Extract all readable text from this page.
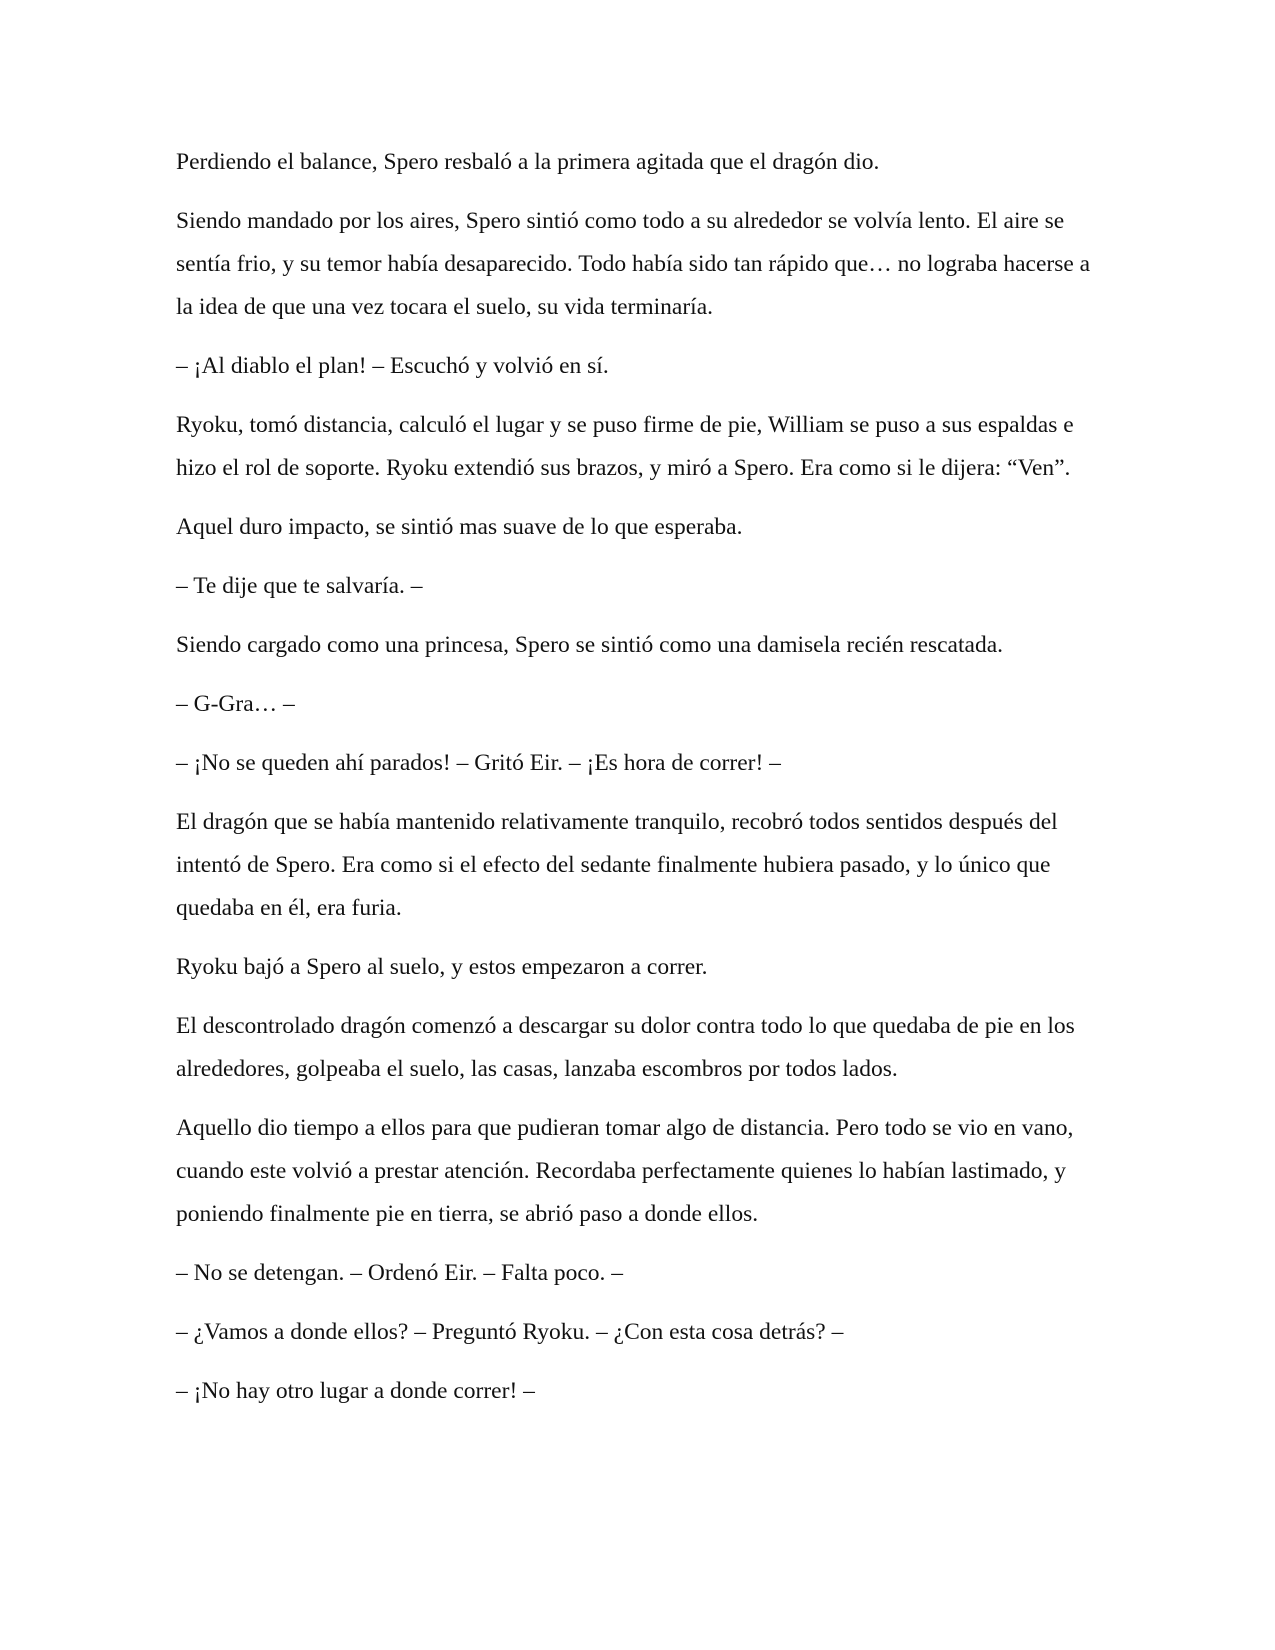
Perdiendo el balance, Spero resbaló a la primera agitada que el dragón dio.

Siendo mandado por los aires, Spero sintió como todo a su alrededor se volvía lento. El aire se sentía frio, y su temor había desaparecido. Todo había sido tan rápido que… no lograba hacerse a la idea de que una vez tocara el suelo, su vida terminaría.

– ¡Al diablo el plan! – Escuchó y volvió en sí.

Ryoku, tomó distancia, calculó el lugar y se puso firme de pie, William se puso a sus espaldas e hizo el rol de soporte. Ryoku extendió sus brazos, y miró a Spero. Era como si le dijera: “Ven”.

Aquel duro impacto, se sintió mas suave de lo que esperaba.

– Te dije que te salvaría. –

Siendo cargado como una princesa, Spero se sintió como una damisela recién rescatada.

– G-Gra… –

– ¡No se queden ahí parados! – Gritó Eir. – ¡Es hora de correr! –

El dragón que se había mantenido relativamente tranquilo, recobró todos sentidos después del intentó de Spero. Era como si el efecto del sedante finalmente hubiera pasado, y lo único que quedaba en él, era furia.

Ryoku bajó a Spero al suelo, y estos empezaron a correr.

El descontrolado dragón comenzó a descargar su dolor contra todo lo que quedaba de pie en los alrededores, golpeaba el suelo, las casas, lanzaba escombros por todos lados.

Aquello dio tiempo a ellos para que pudieran tomar algo de distancia. Pero todo se vio en vano, cuando este volvió a prestar atención. Recordaba perfectamente quienes lo habían lastimado, y poniendo finalmente pie en tierra, se abrió paso a donde ellos.

– No se detengan. – Ordenó Eir. – Falta poco. –

– ¿Vamos a donde ellos? – Preguntó Ryoku. – ¿Con esta cosa detrás? –

– ¡No hay otro lugar a donde correr! –
